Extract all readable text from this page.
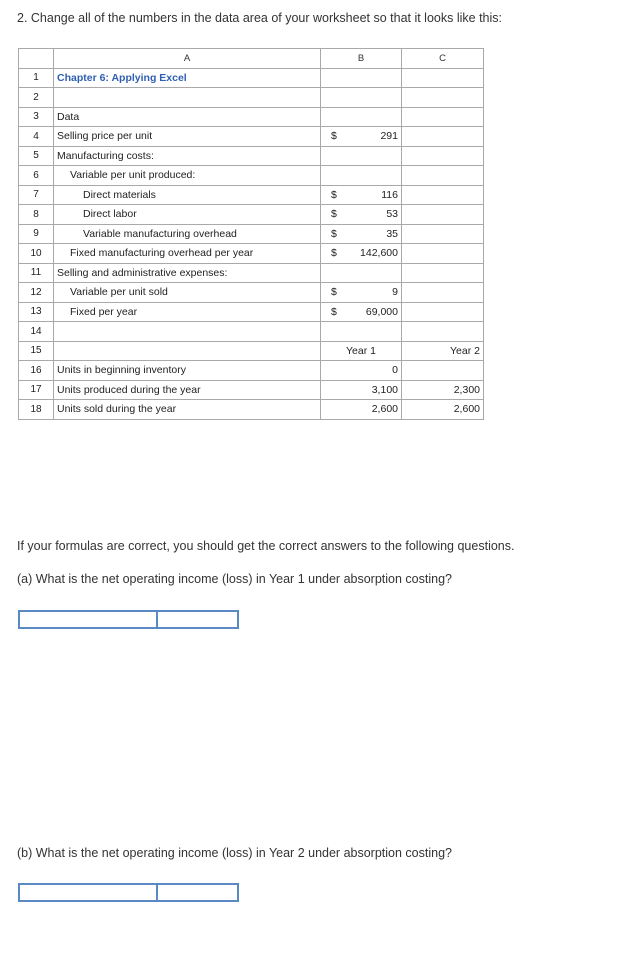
2. Change all of the numbers in the data area of your worksheet so that it looks like this:
	A	B	C
1	Chapter 6: Applying Excel	

2		

3	Data	

4	Selling price per unit	$ 291	

5	Manufacturing costs:	

6	Variable per unit produced:	

7	Direct materials	$ 116	

8	Direct labor	$ 53	

9	Variable manufacturing overhead	$ 35	

10	Fixed manufacturing overhead per year	$ 142,600	

11	Selling and administrative expenses:	

12	Variable per unit sold	$ 9	

13	Fixed per year	$ 69,000	

14		

15		Year 1	Year 2
16	Units in beginning inventory	0	

17	Units produced during the year	3,100	2,300
18	Units sold during the year	2,600	2,600
If your formulas are correct, you should get the correct answers to the following questions.
(a) What is the net operating income (loss) in Year 1 under absorption costing?
(b) What is the net operating income (loss) in Year 2 under absorption costing?
